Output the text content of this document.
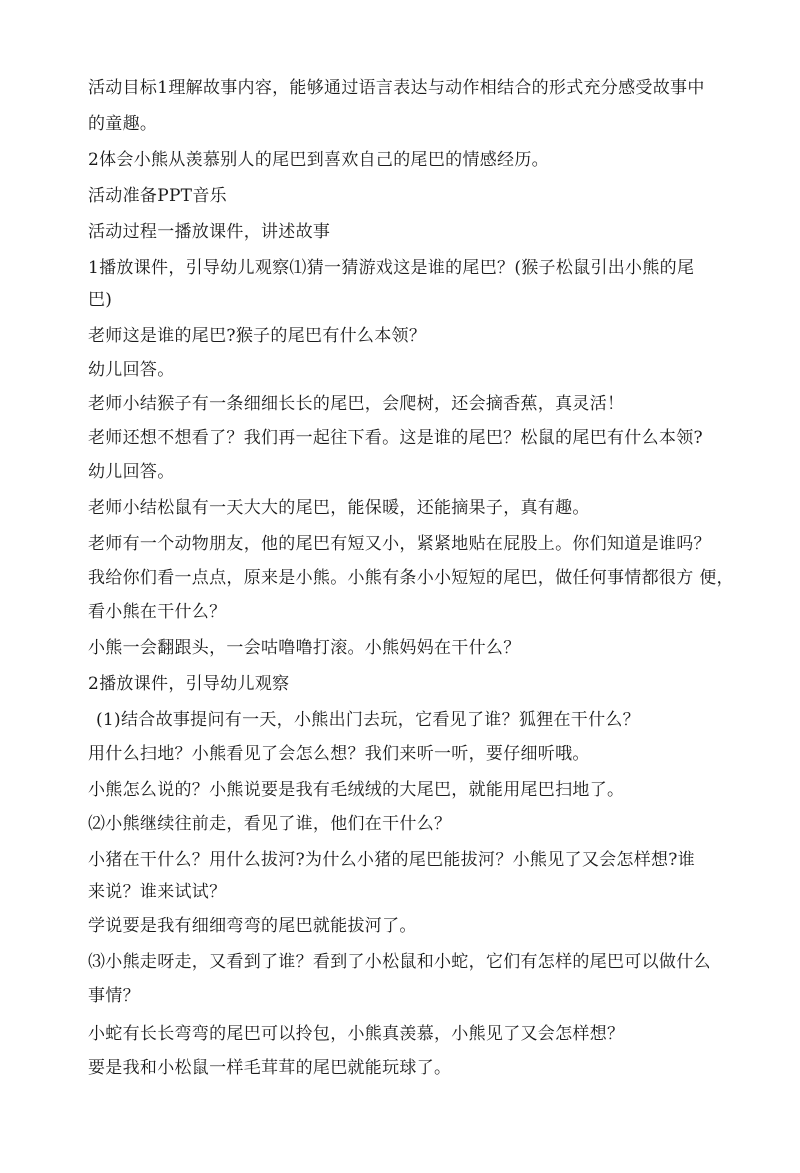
活动目标1理解故事内容，能够通过语言表达与动作相结合的形式充分感受故事中

的童趣。

2体会小熊从羡慕别人的尾巴到喜欢自己的尾巴的情感经历。

活动准备PPT音乐

活动过程一播放课件，讲述故事

1播放课件，引导幼儿观察⑴猜一猜游戏这是谁的尾巴？(猴子松鼠引出小熊的尾

巴)

老师这是谁的尾巴?猴子的尾巴有什么本领？

幼儿回答。

老师小结猴子有一条细细长长的尾巴，会爬树，还会摘香蕉，真灵活！

老师还想不想看了？我们再一起往下看。这是谁的尾巴？松鼠的尾巴有什么本领?

幼儿回答。

老师小结松鼠有一天大大的尾巴，能保暖，还能摘果子，真有趣。

老师有一个动物朋友，他的尾巴有短又小，紧紧地贴在屁股上。你们知道是谁吗？

我给你们看一点点，原来是小熊。小熊有条小小短短的尾巴，做任何事情都很方 便，

看小熊在干什么？

小熊一会翻跟头，一会咕噜噜打滚。小熊妈妈在干什么？

2播放课件，引导幼儿观察

(1)结合故事提问有一天，小熊出门去玩，它看见了谁？狐狸在干什么？

用什么扫地？小熊看见了会怎么想？我们来听一听，要仔细听哦。

小熊怎么说的？小熊说要是我有毛绒绒的大尾巴，就能用尾巴扫地了。

⑵小熊继续往前走，看见了谁，他们在干什么？

小猪在干什么？用什么拔河?为什么小猪的尾巴能拔河？小熊见了又会怎样想?谁

来说？谁来试试？

学说要是我有细细弯弯的尾巴就能拔河了。

⑶小熊走呀走，又看到了谁？看到了小松鼠和小蛇，它们有怎样的尾巴可以做什么

事情？

小蛇有长长弯弯的尾巴可以拎包，小熊真羡慕，小熊见了又会怎样想？

要是我和小松鼠一样毛茸茸的尾巴就能玩球了。
